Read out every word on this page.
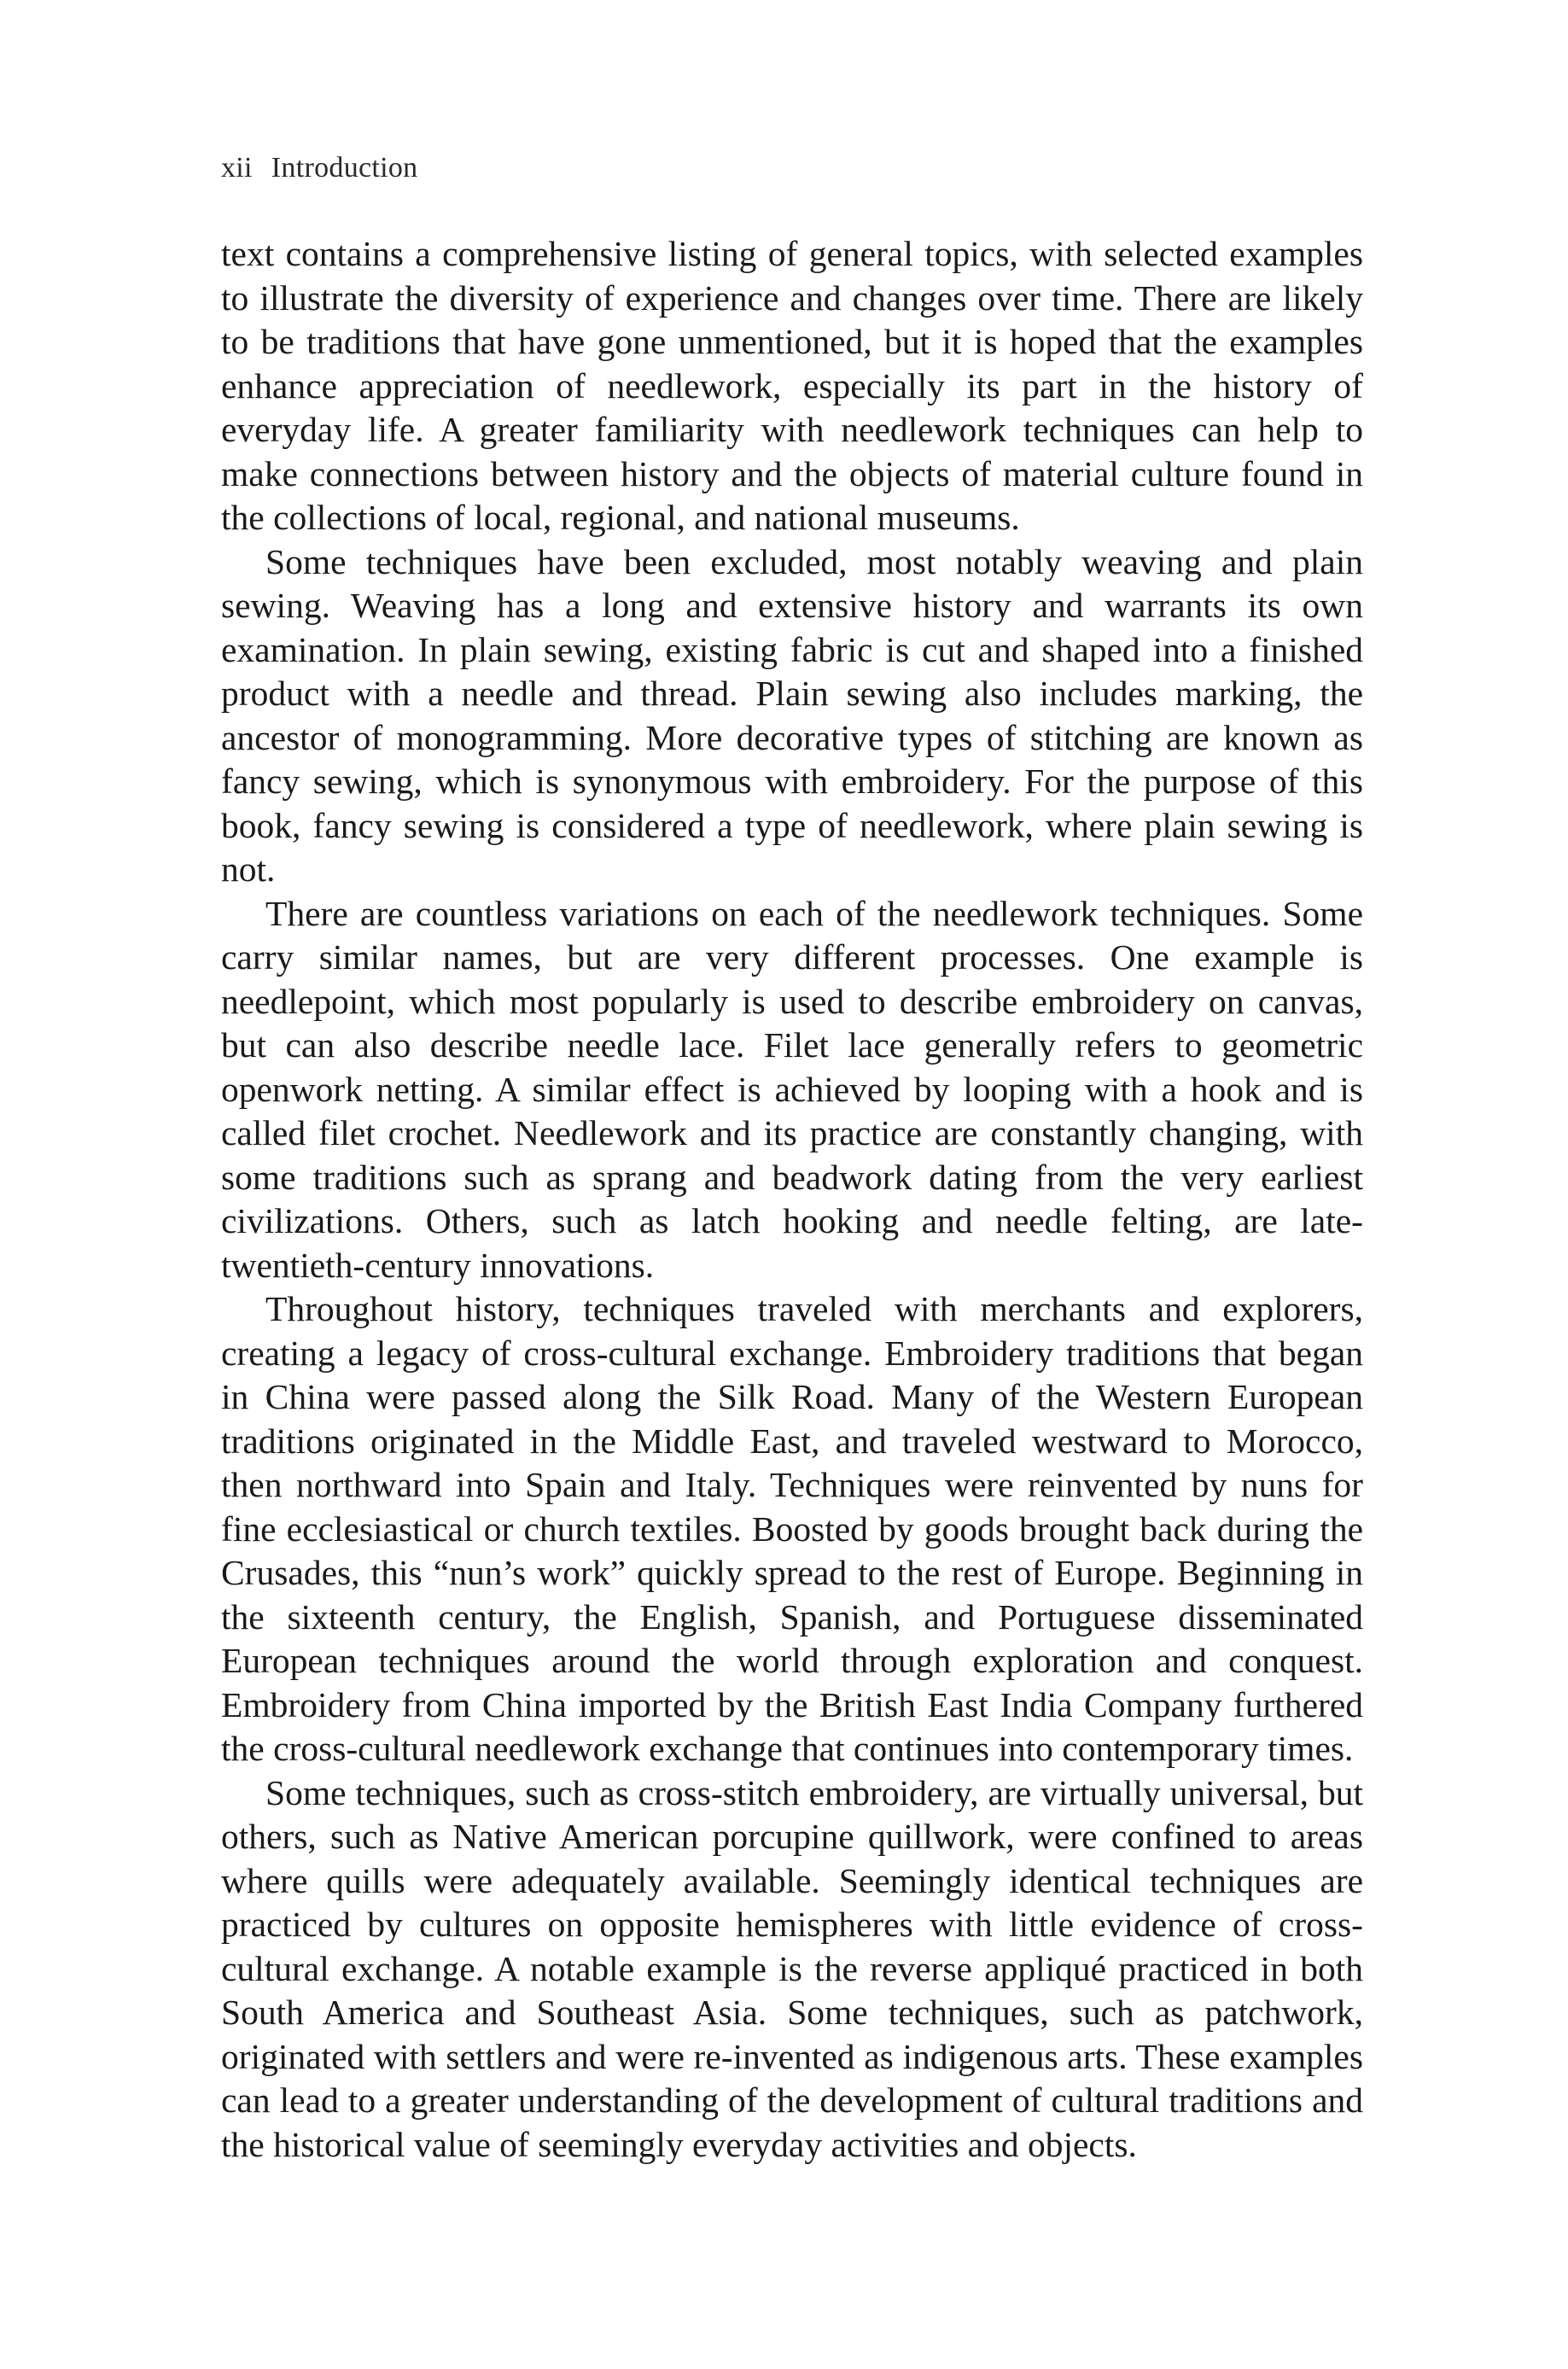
xii Introduction

text contains a comprehensive listing of general topics, with selected examples to illustrate the diversity of experience and changes over time. There are likely to be traditions that have gone unmentioned, but it is hoped that the examples enhance appreciation of needlework, especially its part in the history of everyday life. A greater familiarity with needlework techniques can help to make connections between history and the objects of material culture found in the collections of local, regional, and national museums.

Some techniques have been excluded, most notably weaving and plain sewing. Weaving has a long and extensive history and warrants its own examination. In plain sewing, existing fabric is cut and shaped into a finished product with a needle and thread. Plain sewing also includes marking, the ancestor of monogramming. More decorative types of stitching are known as fancy sewing, which is synonymous with embroidery. For the purpose of this book, fancy sewing is considered a type of needlework, where plain sewing is not.

There are countless variations on each of the needlework techniques. Some carry similar names, but are very different processes. One example is needlepoint, which most popularly is used to describe embroidery on canvas, but can also describe needle lace. Filet lace generally refers to geometric openwork netting. A similar effect is achieved by looping with a hook and is called filet crochet. Needlework and its practice are constantly changing, with some traditions such as sprang and beadwork dating from the very earliest civilizations. Others, such as latch hooking and needle felting, are late-twentieth-century innovations.

Throughout history, techniques traveled with merchants and explorers, creating a legacy of cross-cultural exchange. Embroidery traditions that began in China were passed along the Silk Road. Many of the Western European traditions originated in the Middle East, and traveled westward to Morocco, then northward into Spain and Italy. Techniques were reinvented by nuns for fine ecclesiastical or church textiles. Boosted by goods brought back during the Crusades, this “nun’s work” quickly spread to the rest of Europe. Beginning in the sixteenth century, the English, Spanish, and Portuguese disseminated European techniques around the world through exploration and conquest. Embroidery from China imported by the British East India Company furthered the cross-cultural needlework exchange that continues into contemporary times.

Some techniques, such as cross-stitch embroidery, are virtually universal, but others, such as Native American porcupine quillwork, were confined to areas where quills were adequately available. Seemingly identical techniques are practiced by cultures on opposite hemispheres with little evidence of cross-cultural exchange. A notable example is the reverse appliqué practiced in both South America and Southeast Asia. Some techniques, such as patchwork, originated with settlers and were re-invented as indigenous arts. These examples can lead to a greater understanding of the development of cultural traditions and the historical value of seemingly everyday activities and objects.
